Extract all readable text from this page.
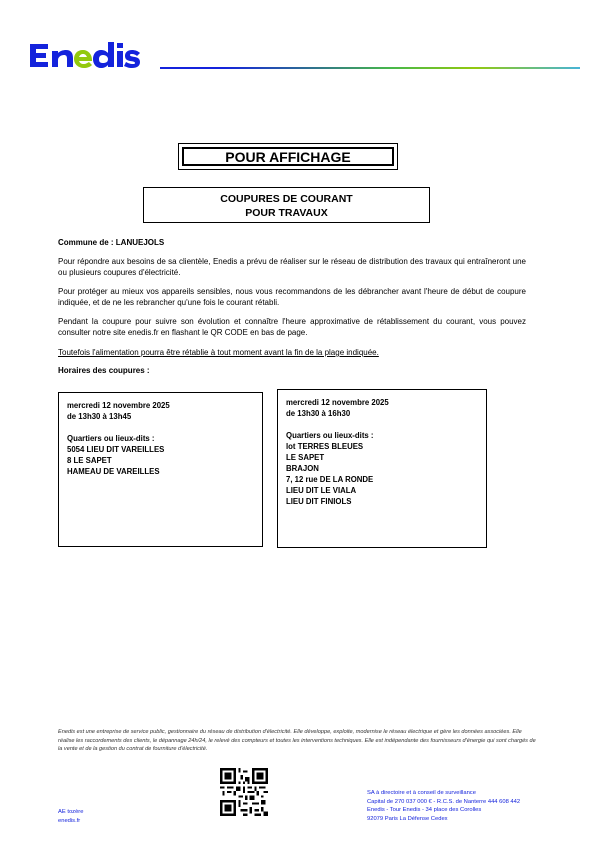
POUR AFFICHAGE
COUPURES DE COURANT
POUR TRAVAUX
Commune de : LANUEJOLS
Pour répondre aux besoins de sa clientèle, Enedis a prévu de réaliser sur le réseau de distribution des travaux qui entraîneront une ou plusieurs coupures d'électricité.
Pour protéger au mieux vos appareils sensibles, nous vous recommandons de les débrancher avant l'heure de début de coupure indiquée, et de ne les rebrancher qu'une fois le courant rétabli.
Pendant la coupure pour suivre son évolution et connaître l'heure approximative de rétablissement du courant, vous pouvez consulter notre site enedis.fr en flashant le QR CODE en bas de page.
Toutefois l'alimentation pourra être rétablie à tout moment avant la fin de la plage indiquée.
Horaires des coupures :
mercredi 12 novembre 2025
de 13h30 à 13h45
Quartiers ou lieux-dits :
5054 LIEU DIT VAREILLES
8 LE SAPET
HAMEAU DE VAREILLES
mercredi 12 novembre 2025
de 13h30 à 16h30
Quartiers ou lieux-dits :
lot TERRES BLEUES
LE SAPET
BRAJON
7, 12 rue DE LA RONDE
LIEU DIT LE VIALA
LIEU DIT FINIOLS
Enedis est une entreprise de service public, gestionnaire du réseau de distribution d'électricité. Elle développe, exploite, modernise le réseau électrique et gère les données associées. Elle réalise les raccordements des clients, le dépannage 24h/24, le relevé des compteurs et toutes les interventions techniques. Elle est indépendante des fournisseurs d'énergie qui sont chargés de la vente et de la gestion du contrat de fourniture d'électricité.
SA à directoire et à conseil de surveillance
Capital de 270 037 000 € - R.C.S. de Nanterre 444 608 442
Enedis - Tour Enedis - 34 place des Corolles
92079 Paris La Défense Cedex
AE tozère
enedis.fr
